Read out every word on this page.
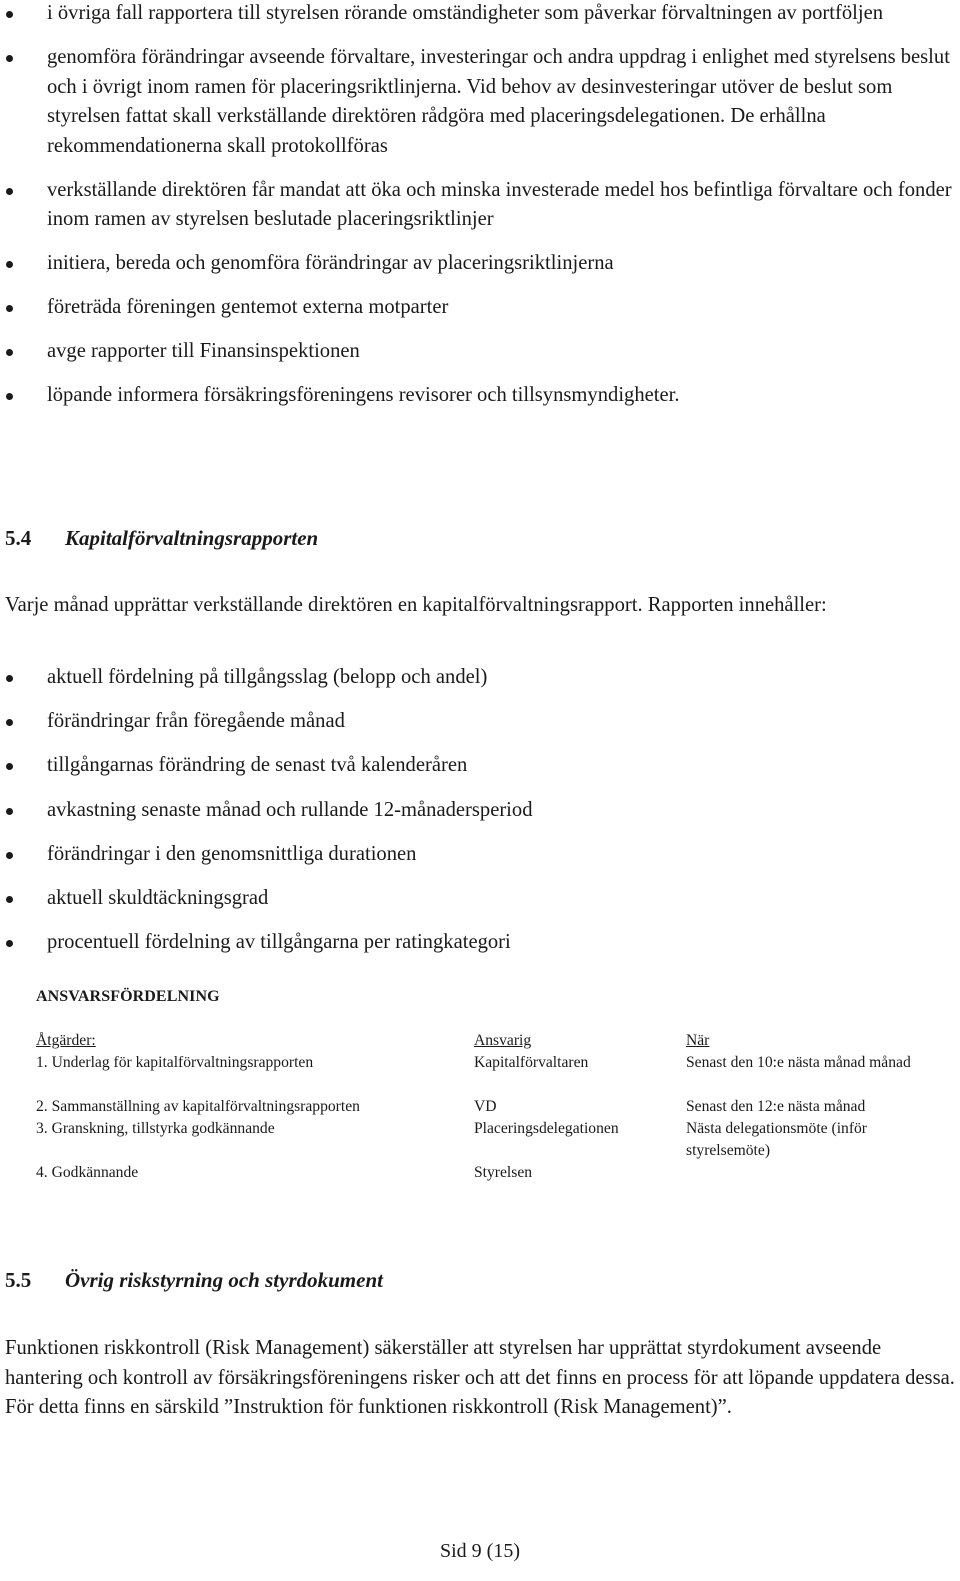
i övriga fall rapportera till styrelsen rörande omständigheter som påverkar förvaltningen av portföljen
genomföra förändringar avseende förvaltare, investeringar och andra uppdrag i enlighet med styrelsens beslut och i övrigt inom ramen för placeringsriktlinjerna. Vid behov av desinvesteringar utöver de beslut som styrelsen fattat skall verkställande direktören rådgöra med placeringsdelegationen. De erhållna rekommendationerna skall protokollföras
verkställande direktören får mandat att öka och minska investerade medel hos befintliga förvaltare och fonder inom ramen av styrelsen beslutade placeringsriktlinjer
initiera, bereda och genomföra förändringar av placeringsriktlinjerna
företräda föreningen gentemot externa motparter
avge rapporter till Finansinspektionen
löpande informera försäkringsföreningens revisorer och tillsynsmyndigheter.
5.4 Kapitalförvaltningsrapporten

Varje månad upprättar verkställande direktören en kapitalförvaltningsrapport. Rapporten innehåller:

aktuell fördelning på tillgångsslag (belopp och andel)
förändringar från föregående månad
tillgångarnas förändring de senast två kalenderåren
avkastning senaste månad och rullande 12-månadersperiod
förändringar i den genomsnittliga durationen
aktuell skuldtäckningsgrad
procentuell fördelning av tillgångarna per ratingkategori
ANSVARSFÖRDELNING
Åtgärder:	Ansvarig	När
1. Underlag för kapitalförvaltningsrapporten	Kapitalförvaltaren	Senast den 10:e nästa månad månad
2. Sammanställning av kapitalförvaltningsrapporten	VD	Senast den 12:e nästa månad
3. Granskning, tillstyrka godkännande	Placeringsdelegationen	Nästa delegationsmöte (inför styrelsemöte)
4. Godkännande	Styrelsen
5.5 Övrig riskstyrning och styrdokument

Funktionen riskkontroll (Risk Management) säkerställer att styrelsen har upprättat styrdokument avseende hantering och kontroll av försäkringsföreningens risker och att det finns en process för att löpande uppdatera dessa. För detta finns en särskild ”Instruktion för funktionen riskkontroll (Risk Management)”.

Sid 9 (15)
